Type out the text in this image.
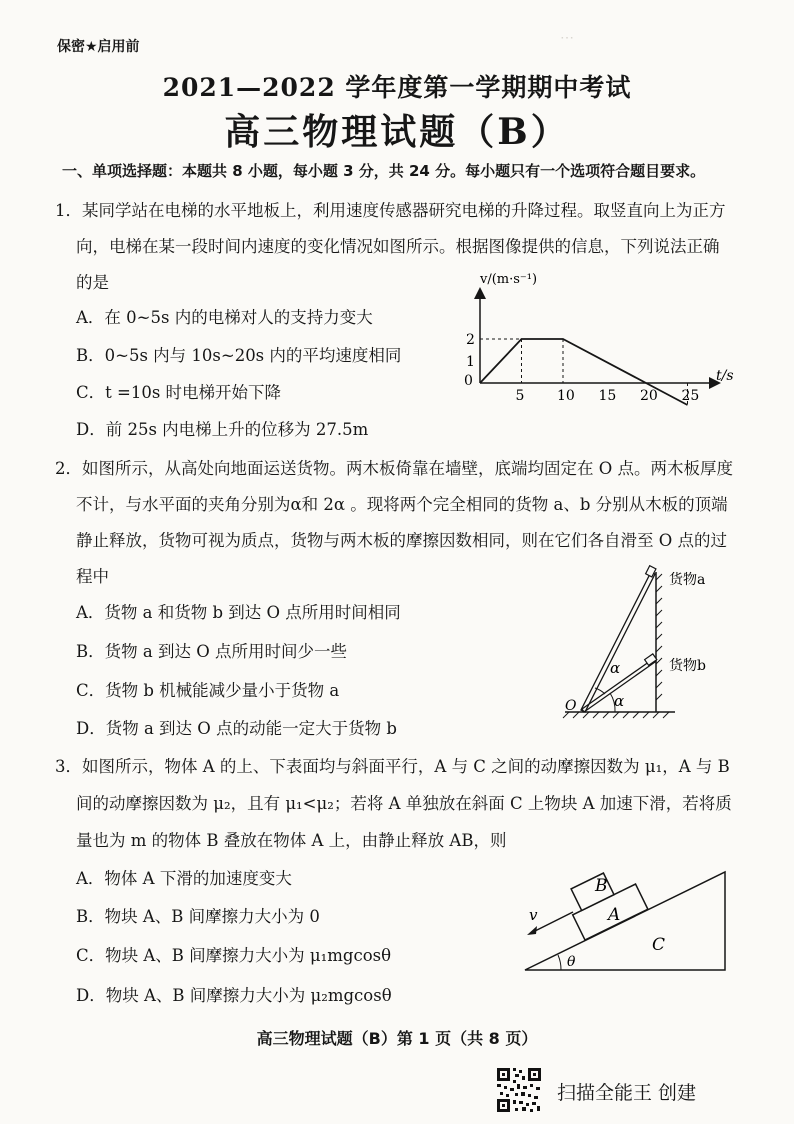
⋯
保密★启用前
2021—2022 学年度第一学期期中考试
高三物理试题（B）
一、单项选择题：本题共 8 小题，每小题 3 分，共 24 分。每小题只有一个选项符合题目要求。
1．某同学站在电梯的水平地板上，利用速度传感器研究电梯的升降过程。取竖直向上为正方
向，电梯在某一段时间内速度的变化情况如图所示。根据图像提供的信息，下列说法正确
的是
A．在 0~5s 内的电梯对人的支持力变大
B．0~5s 内与 10s~20s 内的平均速度相同
C．t =10s 时电梯开始下降
D．前 25s 内电梯上升的位移为 27.5m
5 10 15 20 25
1
2
v/(m·s⁻¹)
t/s
0
2．如图所示，从高处向地面运送货物。两木板倚靠在墙壁，底端均固定在 O 点。两木板厚度
不计，与水平面的夹角分别为α和 2α 。现将两个完全相同的货物 a、b 分别从木板的顶端
静止释放，货物可视为质点，货物与两木板的摩擦因数相同，则在它们各自滑至 O 点的过
程中
A．货物 a 和货物 b 到达 O 点所用时间相同
B．货物 a 到达 O 点所用时间少一些
C．货物 b 机械能减少量小于货物 a
D．货物 a 到达 O 点的动能一定大于货物 b
α
α
O
货物a
货物b
3．如图所示，物体 A 的上、下表面均与斜面平行，A 与 C 之间的动摩擦因数为 μ₁，A 与 B
间的动摩擦因数为 μ₂，且有 μ₁<μ₂；若将 A 单独放在斜面 C 上物块 A 加速下滑，若将质
量也为 m 的物体 B 叠放在物体 A 上，由静止释放 AB，则
A．物体 A 下滑的加速度变大
B．物块 A、B 间摩擦力大小为 0
C．物块 A、B 间摩擦力大小为 μ₁mgcosθ
D．物块 A、B 间摩擦力大小为 μ₂mgcosθ
A
B
C
v
θ
高三物理试题（B）第 1 页（共 8 页）
扫描全能王 创建
